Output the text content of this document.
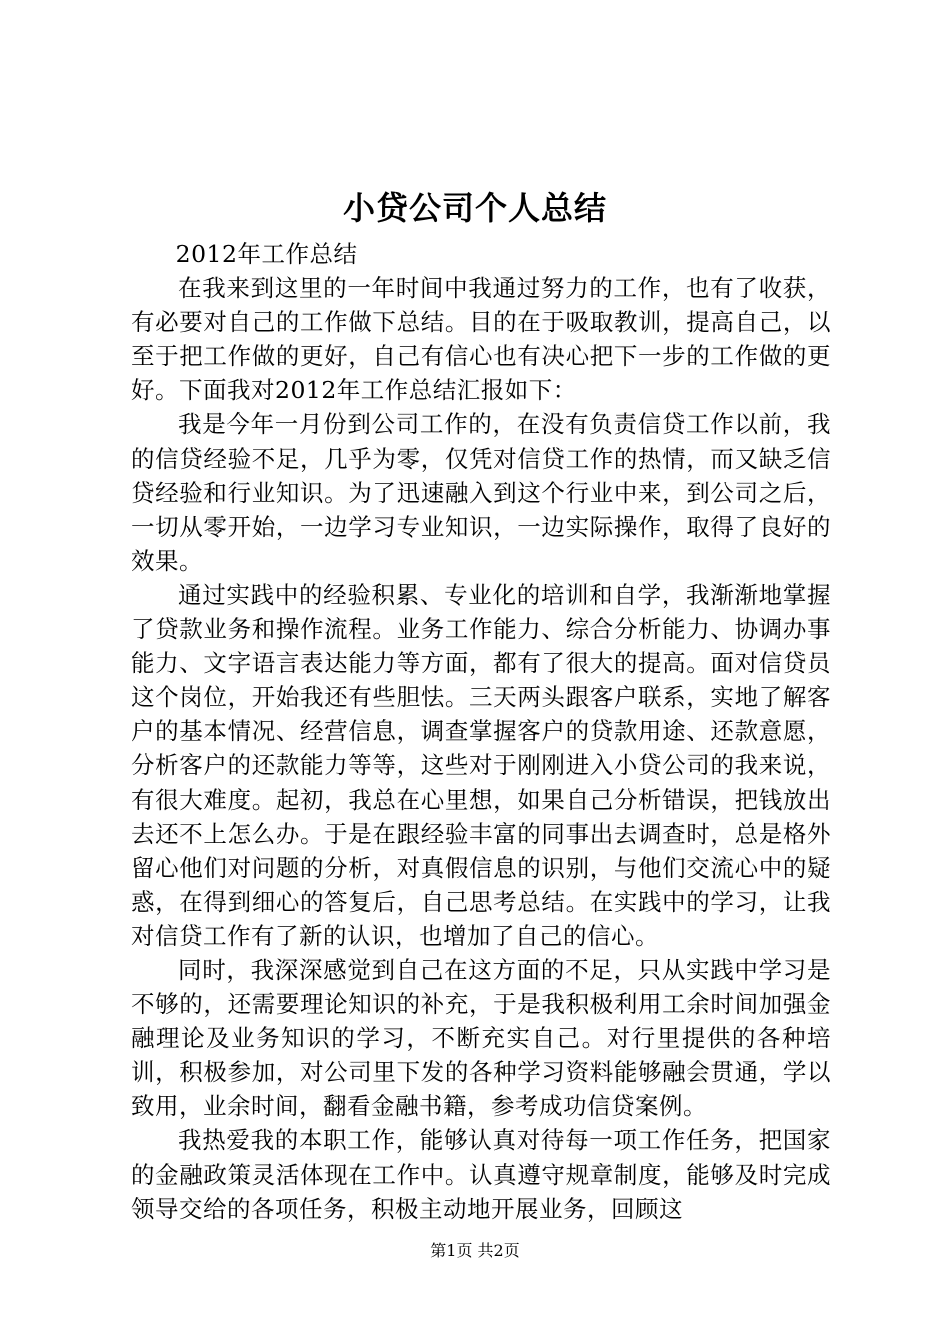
小贷公司个人总结

2012年工作总结

在我来到这里的一年时间中我通过努力的工作，也有了收获，有必要对自己的工作做下总结。目的在于吸取教训，提高自己，以至于把工作做的更好，自己有信心也有决心把下一步的工作做的更好。下面我对2012年工作总结汇报如下：

我是今年一月份到公司工作的，在没有负责信贷工作以前，我的信贷经验不足，几乎为零，仅凭对信贷工作的热情，而又缺乏信贷经验和行业知识。为了迅速融入到这个行业中来，到公司之后，一切从零开始，一边学习专业知识，一边实际操作，取得了良好的效果。

通过实践中的经验积累、专业化的培训和自学，我渐渐地掌握了贷款业务和操作流程。业务工作能力、综合分析能力、协调办事能力、文字语言表达能力等方面，都有了很大的提高。面对信贷员这个岗位，开始我还有些胆怯。三天两头跟客户联系，实地了解客户的基本情况、经营信息，调查掌握客户的贷款用途、还款意愿，分析客户的还款能力等等，这些对于刚刚进入小贷公司的我来说，有很大难度。起初，我总在心里想，如果自己分析错误，把钱放出去还不上怎么办。于是在跟经验丰富的同事出去调查时，总是格外留心他们对问题的分析，对真假信息的识别，与他们交流心中的疑惑，在得到细心的答复后，自己思考总结。在实践中的学习，让我对信贷工作有了新的认识，也增加了自己的信心。

同时，我深深感觉到自己在这方面的不足，只从实践中学习是不够的，还需要理论知识的补充，于是我积极利用工余时间加强金融理论及业务知识的学习，不断充实自己。对行里提供的各种培训，积极参加，对公司里下发的各种学习资料能够融会贯通，学以致用，业余时间，翻看金融书籍，参考成功信贷案例。

我热爱我的本职工作，能够认真对待每一项工作任务，把国家的金融政策灵活体现在工作中。认真遵守规章制度，能够及时完成领导交给的各项任务，积极主动地开展业务，回顾这

第1页 共2页
